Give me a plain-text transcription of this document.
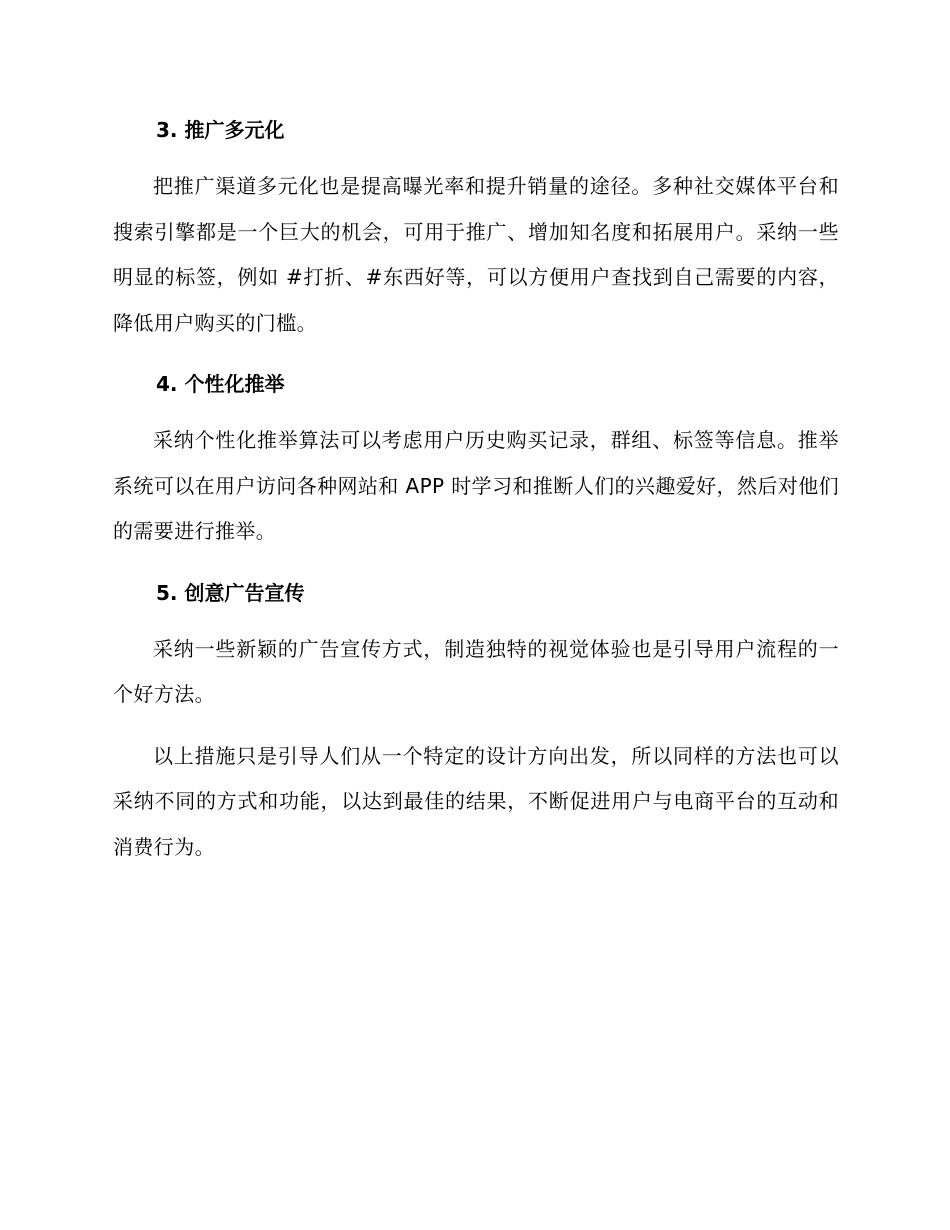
3. 推广多元化

把推广渠道多元化也是提高曝光率和提升销量的途径。多种社交媒体平台和搜索引擎都是一个巨大的机会，可用于推广、增加知名度和拓展用户。采纳一些明显的标签，例如 #打折、#东西好等，可以方便用户查找到自己需要的内容，降低用户购买的门槛。

4. 个性化推举

采纳个性化推举算法可以考虑用户历史购买记录，群组、标签等信息。推举系统可以在用户访问各种网站和 APP 时学习和推断人们的兴趣爱好，然后对他们的需要进行推举。

5. 创意广告宣传

采纳一些新颖的广告宣传方式，制造独特的视觉体验也是引导用户流程的一个好方法。

以上措施只是引导人们从一个特定的设计方向出发，所以同样的方法也可以采纳不同的方式和功能，以达到最佳的结果，不断促进用户与电商平台的互动和消费行为。
